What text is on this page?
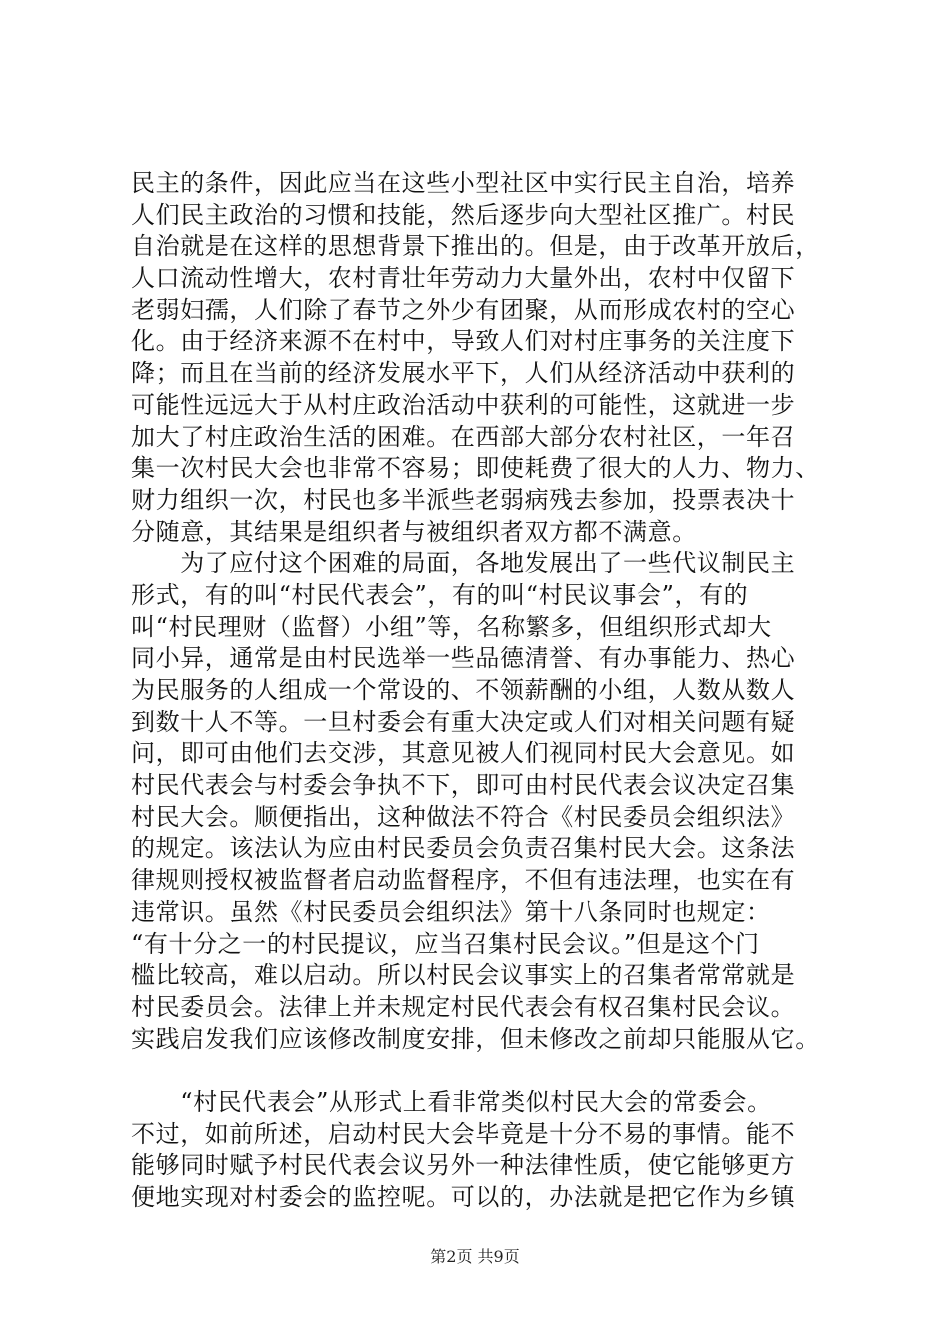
民主的条件，因此应当在这些小型社区中实行民主自治，培养
人们民主政治的习惯和技能，然后逐步向大型社区推广。村民
自治就是在这样的思想背景下推出的。但是，由于改革开放后，
人口流动性增大，农村青壮年劳动力大量外出，农村中仅留下
老弱妇孺，人们除了春节之外少有团聚，从而形成农村的空心
化。由于经济来源不在村中，导致人们对村庄事务的关注度下
降；而且在当前的经济发展水平下，人们从经济活动中获利的
可能性远远大于从村庄政治活动中获利的可能性，这就进一步
加大了村庄政治生活的困难。在西部大部分农村社区，一年召
集一次村民大会也非常不容易；即使耗费了很大的人力、物力、
财力组织一次，村民也多半派些老弱病残去参加，投票表决十
分随意，其结果是组织者与被组织者双方都不满意。
　　为了应付这个困难的局面，各地发展出了一些代议制民主
形式，有的叫“村民代表会”，有的叫“村民议事会”，有的
叫“村民理财（监督）小组”等，名称繁多，但组织形式却大
同小异，通常是由村民选举一些品德清誉、有办事能力、热心
为民服务的人组成一个常设的、不领薪酬的小组，人数从数人
到数十人不等。一旦村委会有重大决定或人们对相关问题有疑
问，即可由他们去交涉，其意见被人们视同村民大会意见。如
村民代表会与村委会争执不下，即可由村民代表会议决定召集
村民大会。顺便指出，这种做法不符合《村民委员会组织法》
的规定。该法认为应由村民委员会负责召集村民大会。这条法
律规则授权被监督者启动监督程序，不但有违法理，也实在有
违常识。虽然《村民委员会组织法》第十八条同时也规定：
“有十分之一的村民提议，应当召集村民会议。”但是这个门
槛比较高，难以启动。所以村民会议事实上的召集者常常就是
村民委员会。法律上并未规定村民代表会有权召集村民会议。
实践启发我们应该修改制度安排，但未修改之前却只能服从它。
　　“村民代表会”从形式上看非常类似村民大会的常委会。
不过，如前所述，启动村民大会毕竟是十分不易的事情。能不
能够同时赋予村民代表会议另外一种法律性质，使它能够更方
便地实现对村委会的监控呢。可以的，办法就是把它作为乡镇
第2页 共9页
